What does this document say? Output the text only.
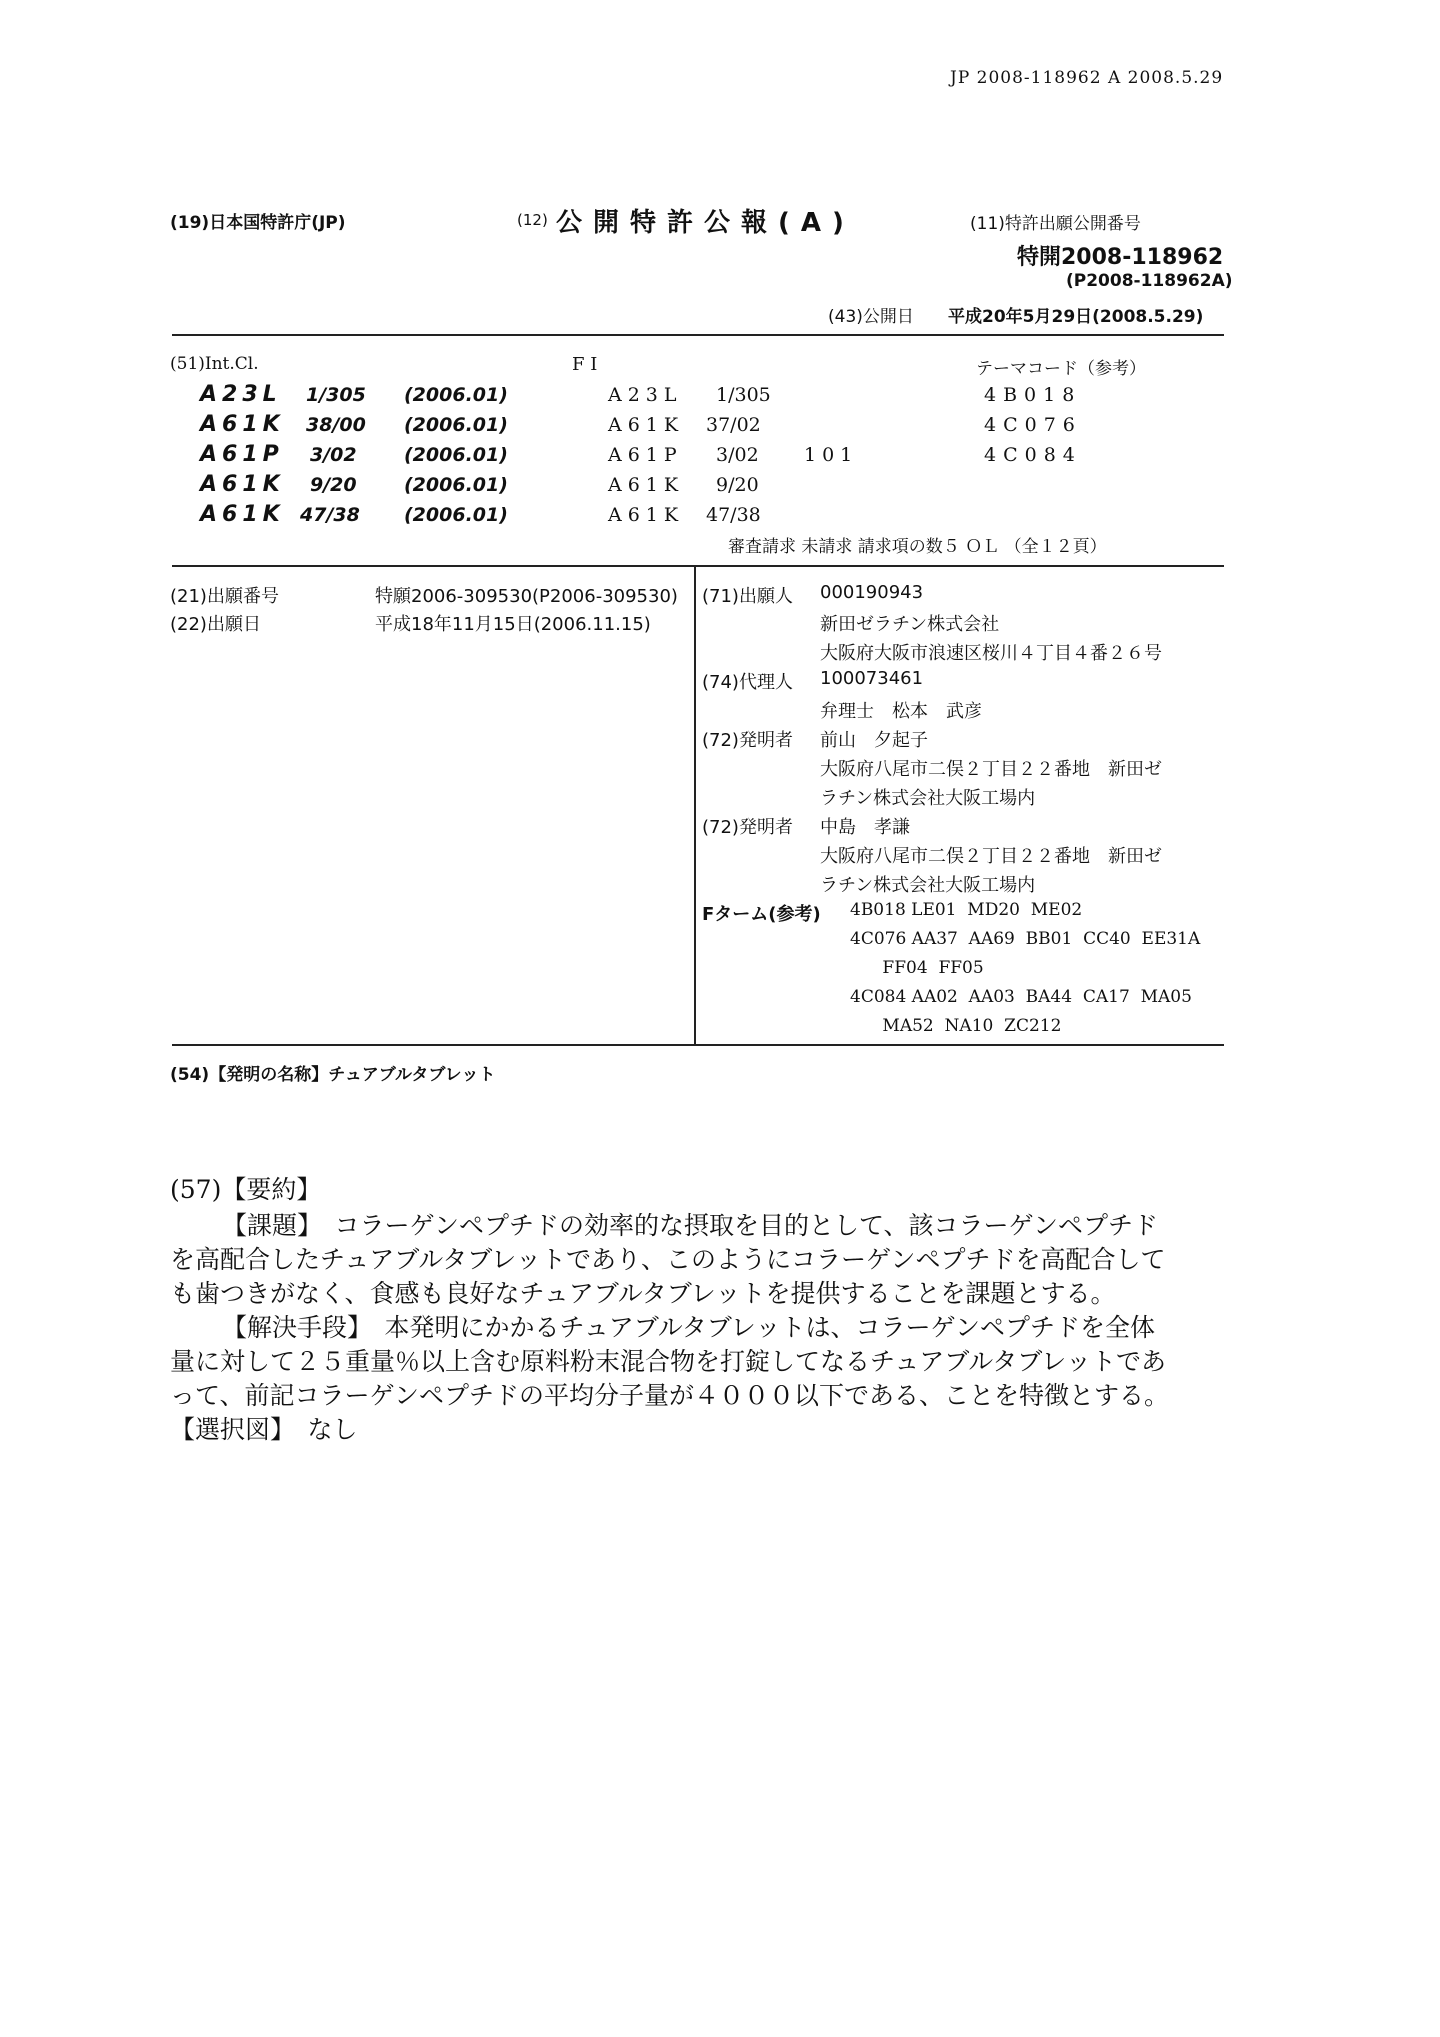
JP 2008-118962 A 2008.5.29
(19)日本国特許庁(JP)	(12) 公開特許公報(A)	(11)特許出願公開番号
特開2008-118962
(P2008-118962A)
(43)公開日 平成20年5月29日(2008.5.29)
(51)Int.Cl.	F I	テーマコード（参考）
A23L 1/305 (2006.01)	A23L 1/305	4B018
A61K 38/00 (2006.01)	A61K 37/02	4C076
A61P 3/02 (2006.01)	A61P 3/02 101	4C084
A61K 9/20 (2006.01)	A61K 9/20
A61K 47/38 (2006.01)	A61K 47/38
審査請求 未請求 請求項の数５ ＯＬ （全１２頁）
(21)出願番号	特願2006-309530(P2006-309530)
(22)出願日	平成18年11月15日(2006.11.15)
(71)出願人 000190943
新田ゼラチン株式会社
大阪府大阪市浪速区桜川４丁目４番２６号
(74)代理人 100073461
弁理士　松本　武彦
(72)発明者 前山　夕起子
大阪府八尾市二俣２丁目２２番地　新田ゼ
ラチン株式会社大阪工場内
(72)発明者 中島　孝謙
大阪府八尾市二俣２丁目２２番地　新田ゼ
ラチン株式会社大阪工場内
Fターム(参考) 4B018 LE01  MD20  ME02
4C076 AA37  AA69  BB01  CC40  EE31A
FF04  FF05
4C084 AA02  AA03  BA44  CA17  MA05
MA52  NA10  ZC212
(54)【発明の名称】チュアブルタブレット
(57)【要約】
【課題】　コラーゲンペプチドの効率的な摂取を目的として、該コラーゲンペプチド
を高配合したチュアブルタブレットであり、このようにコラーゲンペプチドを高配合して
も歯つきがなく、食感も良好なチュアブルタブレットを提供することを課題とする。
【解決手段】　本発明にかかるチュアブルタブレットは、コラーゲンペプチドを全体
量に対して２５重量％以上含む原料粉末混合物を打錠してなるチュアブルタブレットであ
って、前記コラーゲンペプチドの平均分子量が４０００以下である、ことを特徴とする。
【選択図】　なし
